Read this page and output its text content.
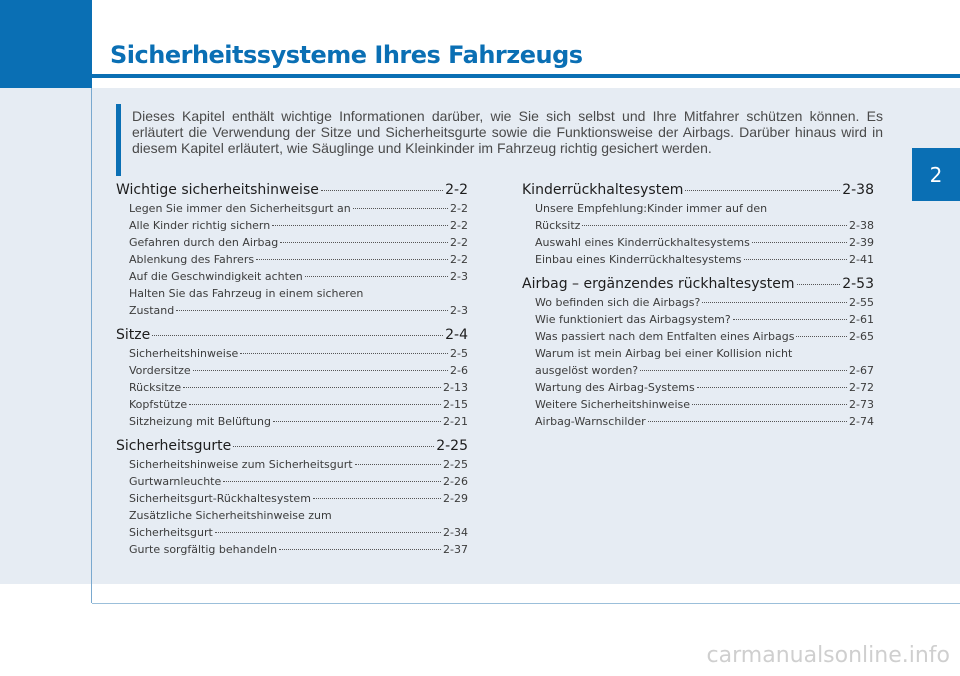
Sicherheitssysteme Ihres Fahrzeugs
2

Dieses Kapitel enthält wichtige Informationen darüber, wie Sie sich selbst und Ihre Mitfahrer schützen können. Es erläutert die Verwendung der Sitze und Sicherheitsgurte sowie die Funktionsweise der Airbags. Darüber hinaus wird in diesem Kapitel erläutert, wie Säuglinge und Kleinkinder im Fahrzeug richtig gesichert werden.

Wichtige sicherheitshinweise	2-2
Legen Sie immer den Sicherheitsgurt an	2-2
Alle Kinder richtig sichern	2-2
Gefahren durch den Airbag	2-2
Ablenkung des Fahrers	2-2
Auf die Geschwindigkeit achten	2-3
Halten Sie das Fahrzeug in einem sicheren
Zustand	2-3
Sitze	2-4
Sicherheitshinweise	2-5
Vordersitze	2-6
Rücksitze	2-13
Kopfstütze	2-15
Sitzheizung mit Belüftung	2-21
Sicherheitsgurte	2-25
Sicherheitshinweise zum Sicherheitsgurt	2-25
Gurtwarnleuchte	2-26
Sicherheitsgurt-Rückhaltesystem	2-29
Zusätzliche Sicherheitshinweise zum
Sicherheitsgurt	2-34
Gurte sorgfältig behandeln	2-37
Kinderrückhaltesystem	2-38
Unsere Empfehlung:Kinder immer auf den
Rücksitz	2-38
Auswahl eines Kinderrückhaltesystems	2-39
Einbau eines Kinderrückhaltesystems	2-41
Airbag – ergänzendes rückhaltesystem	2-53
Wo befinden sich die Airbags?	2-55
Wie funktioniert das Airbagsystem?	2-61
Was passiert nach dem Entfalten eines Airbags	2-65
Warum ist mein Airbag bei einer Kollision nicht
ausgelöst worden?	2-67
Wartung des Airbag-Systems	2-72
Weitere Sicherheitshinweise	2-73
Airbag-Warnschilder	2-74
carmanualsonline.info
